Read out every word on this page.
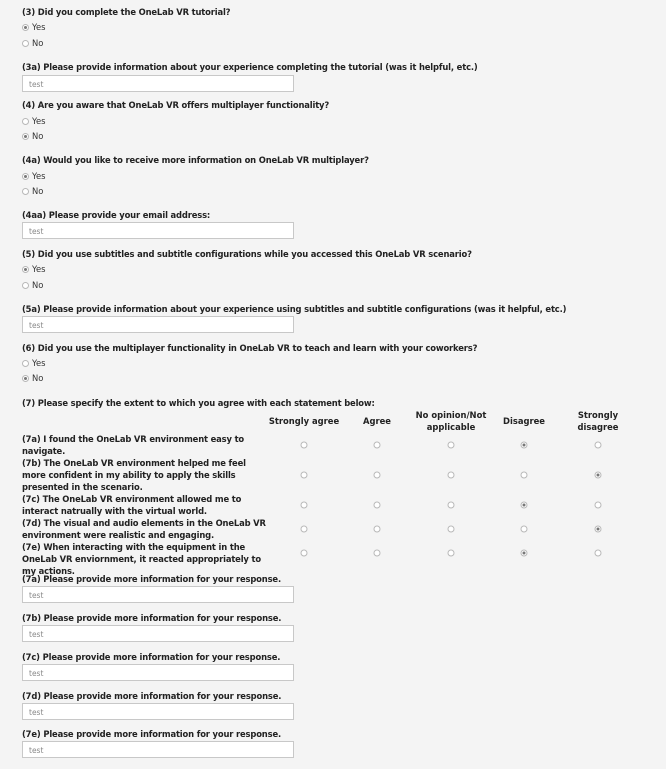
(3) Did you complete the OneLab VR tutorial?
Yes
No
(3a) Please provide information about your experience completing the tutorial (was it helpful, etc.)
test
(4) Are you aware that OneLab VR offers multiplayer functionality?
Yes
No
(4a) Would you like to receive more information on OneLab VR multiplayer?
Yes
No
(4aa) Please provide your email address:
test
(5) Did you use subtitles and subtitle configurations while you accessed this OneLab VR scenario?
Yes
No
(5a) Please provide information about your experience using subtitles and subtitle configurations (was it helpful, etc.)
test
(6) Did you use the multiplayer functionality in OneLab VR to teach and learn with your coworkers?
Yes
No
(7) Please specify the extent to which you agree with each statement below:
Strongly agree	Agree
No opinion/Not applicable
Disagree
Strongly disagree
(7a) I found the OneLab VR environment easy to navigate.
(7b) The OneLab VR environment helped me feel more confident in my ability to apply the skills presented in the scenario.
(7c) The OneLab VR environment allowed me to interact natrually with the virtual world.
(7d) The visual and audio elements in the OneLab VR environment were realistic and engaging.
(7e) When interacting with the equipment in the OneLab VR enviornment, it reacted appropriately to my actions.
(7a) Please provide more information for your response.
test
(7b) Please provide more information for your response.
test
(7c) Please provide more information for your response.
test
(7d) Please provide more information for your response.
test
(7e) Please provide more information for your response.
test
